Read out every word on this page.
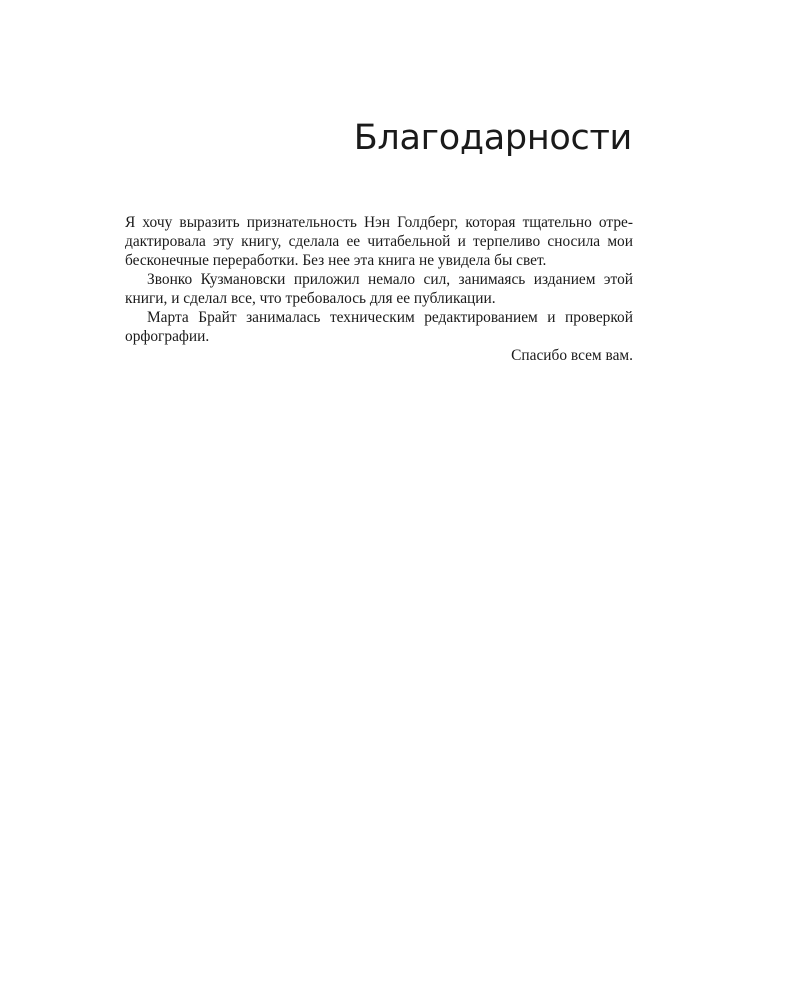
Благодарности

Я хочу выразить признательность Нэн Голдберг, которая тщательно отредактировала эту книгу, сделала ее читабельной и терпеливо сносила мои бесконечные переработки. Без нее эта книга не увидела бы свет.

Звонко Кузмановски приложил немало сил, занимаясь изданием этой книги, и сделал все, что требовалось для ее публикации.

Марта Брайт занималась техническим редактированием и проверкой орфографии.

Спасибо всем вам.
